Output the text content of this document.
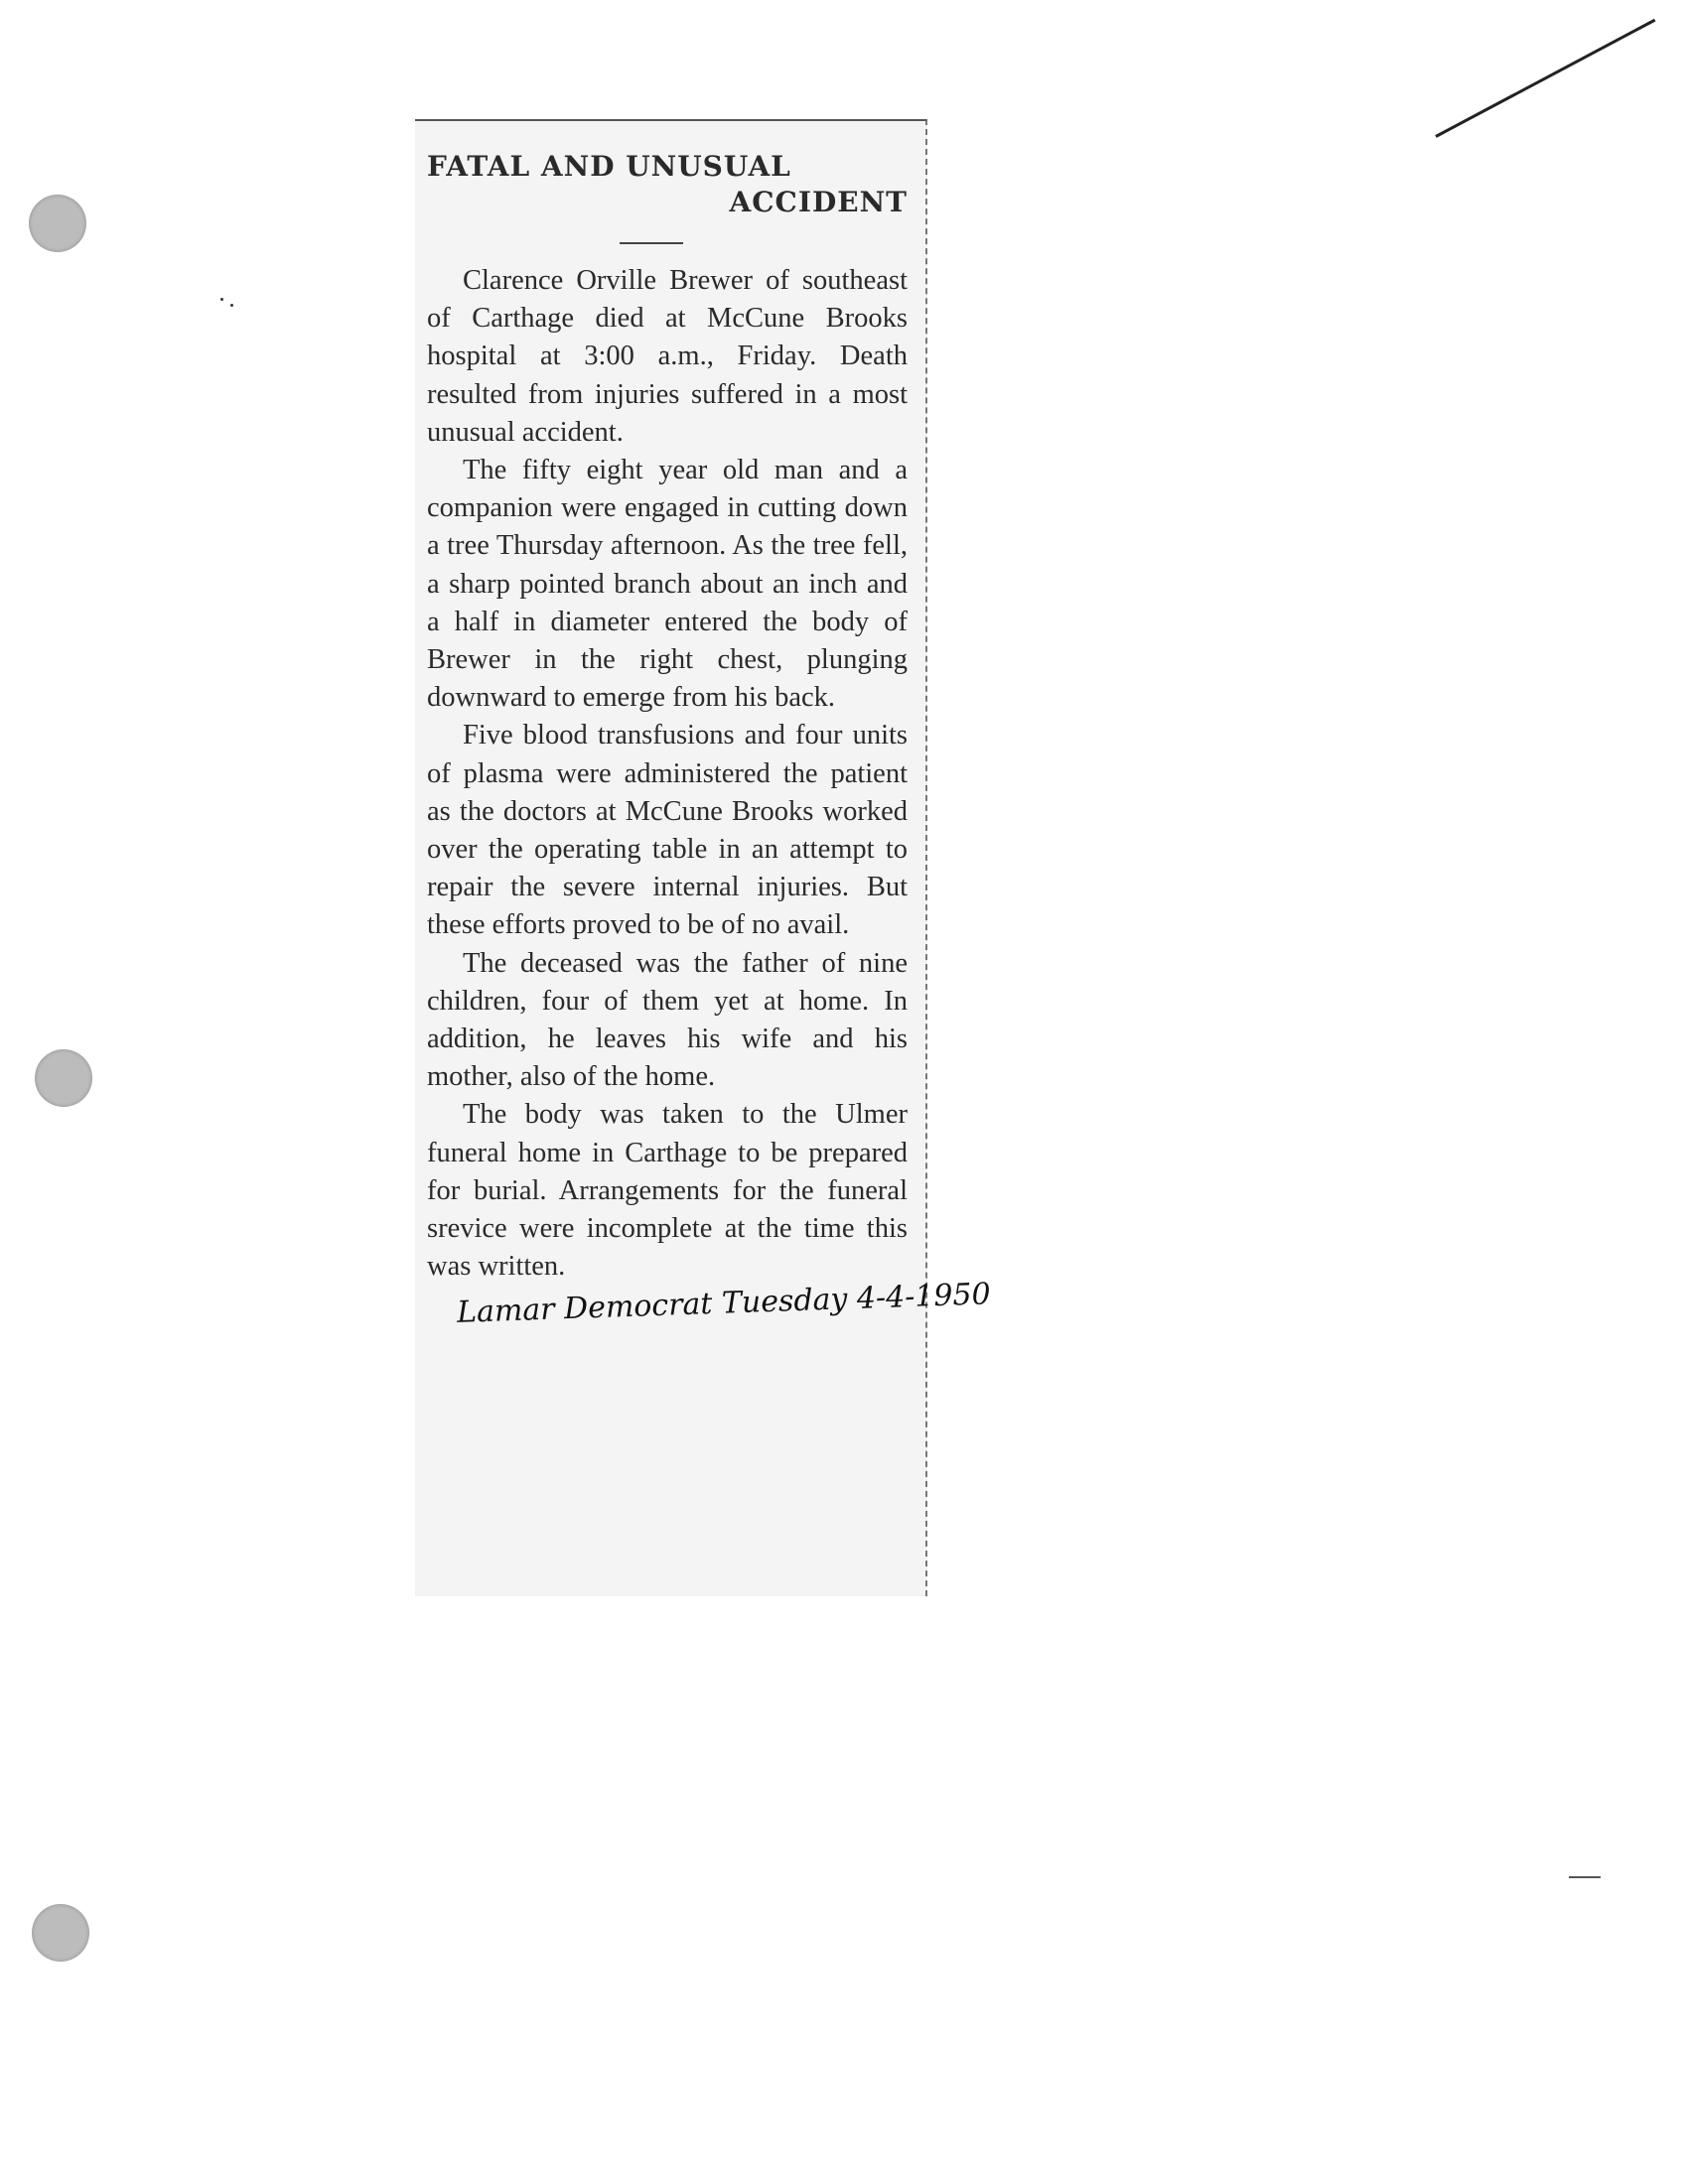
FATAL AND UNUSUAL
ACCIDENT

Clarence Orville Brewer of southeast of Carthage died at McCune Brooks hospital at 3:00 a.m., Friday. Death resulted from injuries suffered in a most unusual accident.

The fifty eight year old man and a companion were engaged in cutting down a tree Thursday afternoon. As the tree fell, a sharp pointed branch about an inch and a half in diameter entered the body of Brewer in the right chest, plunging downward to emerge from his back.

Five blood transfusions and four units of plasma were administered the patient as the doctors at McCune Brooks worked over the operating table in an attempt to repair the severe internal injuries. But these efforts proved to be of no avail.

The deceased was the father of nine children, four of them yet at home. In addition, he leaves his wife and his mother, also of the home.

The body was taken to the Ulmer funeral home in Carthage to be prepared for burial. Arrangements for the funeral srevice were incomplete at the time this was written.

Lamar Democrat Tuesday 4-4-1950
